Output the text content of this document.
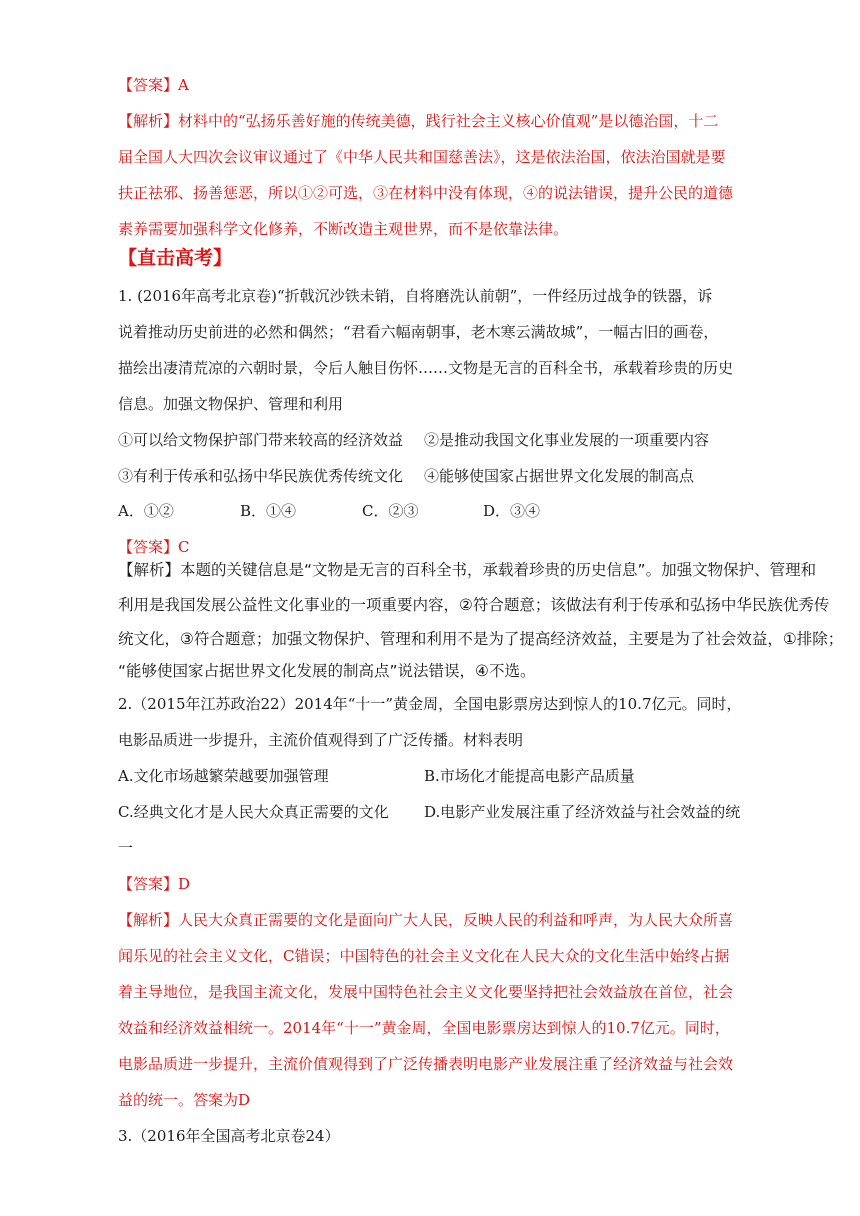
【答案】A
【解析】材料中的“弘扬乐善好施的传统美德，践行社会主义核心价值观”是以德治国，十二
届全国人大四次会议审议通过了《中华人民共和国慈善法》，这是依法治国，依法治国就是要
扶正祛邪、扬善惩恶，所以①②可选，③在材料中没有体现，④的说法错误，提升公民的道德
素养需要加强科学文化修养，不断改造主观世界，而不是依靠法律。
【直击高考】
1. (2016年高考北京卷)“折戟沉沙铁未销，自将磨洗认前朝”，一件经历过战争的铁器，诉
说着推动历史前进的必然和偶然；“君看六幅南朝事，老木寒云满故城”，一幅古旧的画卷，
描绘出凄清荒凉的六朝时景，令后人触目伤怀……文物是无言的百科全书，承载着珍贵的历史
信息。加强文物保护、管理和利用
①可以给文物保护部门带来较高的经济效益 ②是推动我国文化事业发展的一项重要内容
③有利于传承和弘扬中华民族优秀传统文化 ④能够使国家占据世界文化发展的制高点
A．①②	B．①④	C．②③	D．③④
【答案】C
【解析】本题的关键信息是“文物是无言的百科全书，承载着珍贵的历史信息”。加强文物保护、管理和
利用是我国发展公益性文化事业的一项重要内容，②符合题意；该做法有利于传承和弘扬中华民族优秀传
统文化，③符合题意；加强文物保护、管理和利用不是为了提高经济效益，主要是为了社会效益，①排除；
“能够使国家占据世界文化发展的制高点”说法错误，④不选。
2.（2015年江苏政治22）2014年“十一”黄金周，全国电影票房达到惊人的10.7亿元。同时，
电影品质进一步提升，主流价值观得到了广泛传播。材料表明
A.文化市场越繁荣越要加强管理	B.市场化才能提高电影产品质量
C.经典文化才是人民大众真正需要的文化 D.电影产业发展注重了经济效益与社会效益的统
一
【答案】D
【解析】人民大众真正需要的文化是面向广大人民，反映人民的利益和呼声，为人民大众所喜
闻乐见的社会主义文化，C错误；中国特色的社会主义文化在人民大众的文化生活中始终占据
着主导地位，是我国主流文化，发展中国特色社会主义文化要坚持把社会效益放在首位，社会
效益和经济效益相统一。2014年“十一”黄金周，全国电影票房达到惊人的10.7亿元。同时，
电影品质进一步提升，主流价值观得到了广泛传播表明电影产业发展注重了经济效益与社会效
益的统一。答案为D
3.（2016年全国高考北京卷24）
